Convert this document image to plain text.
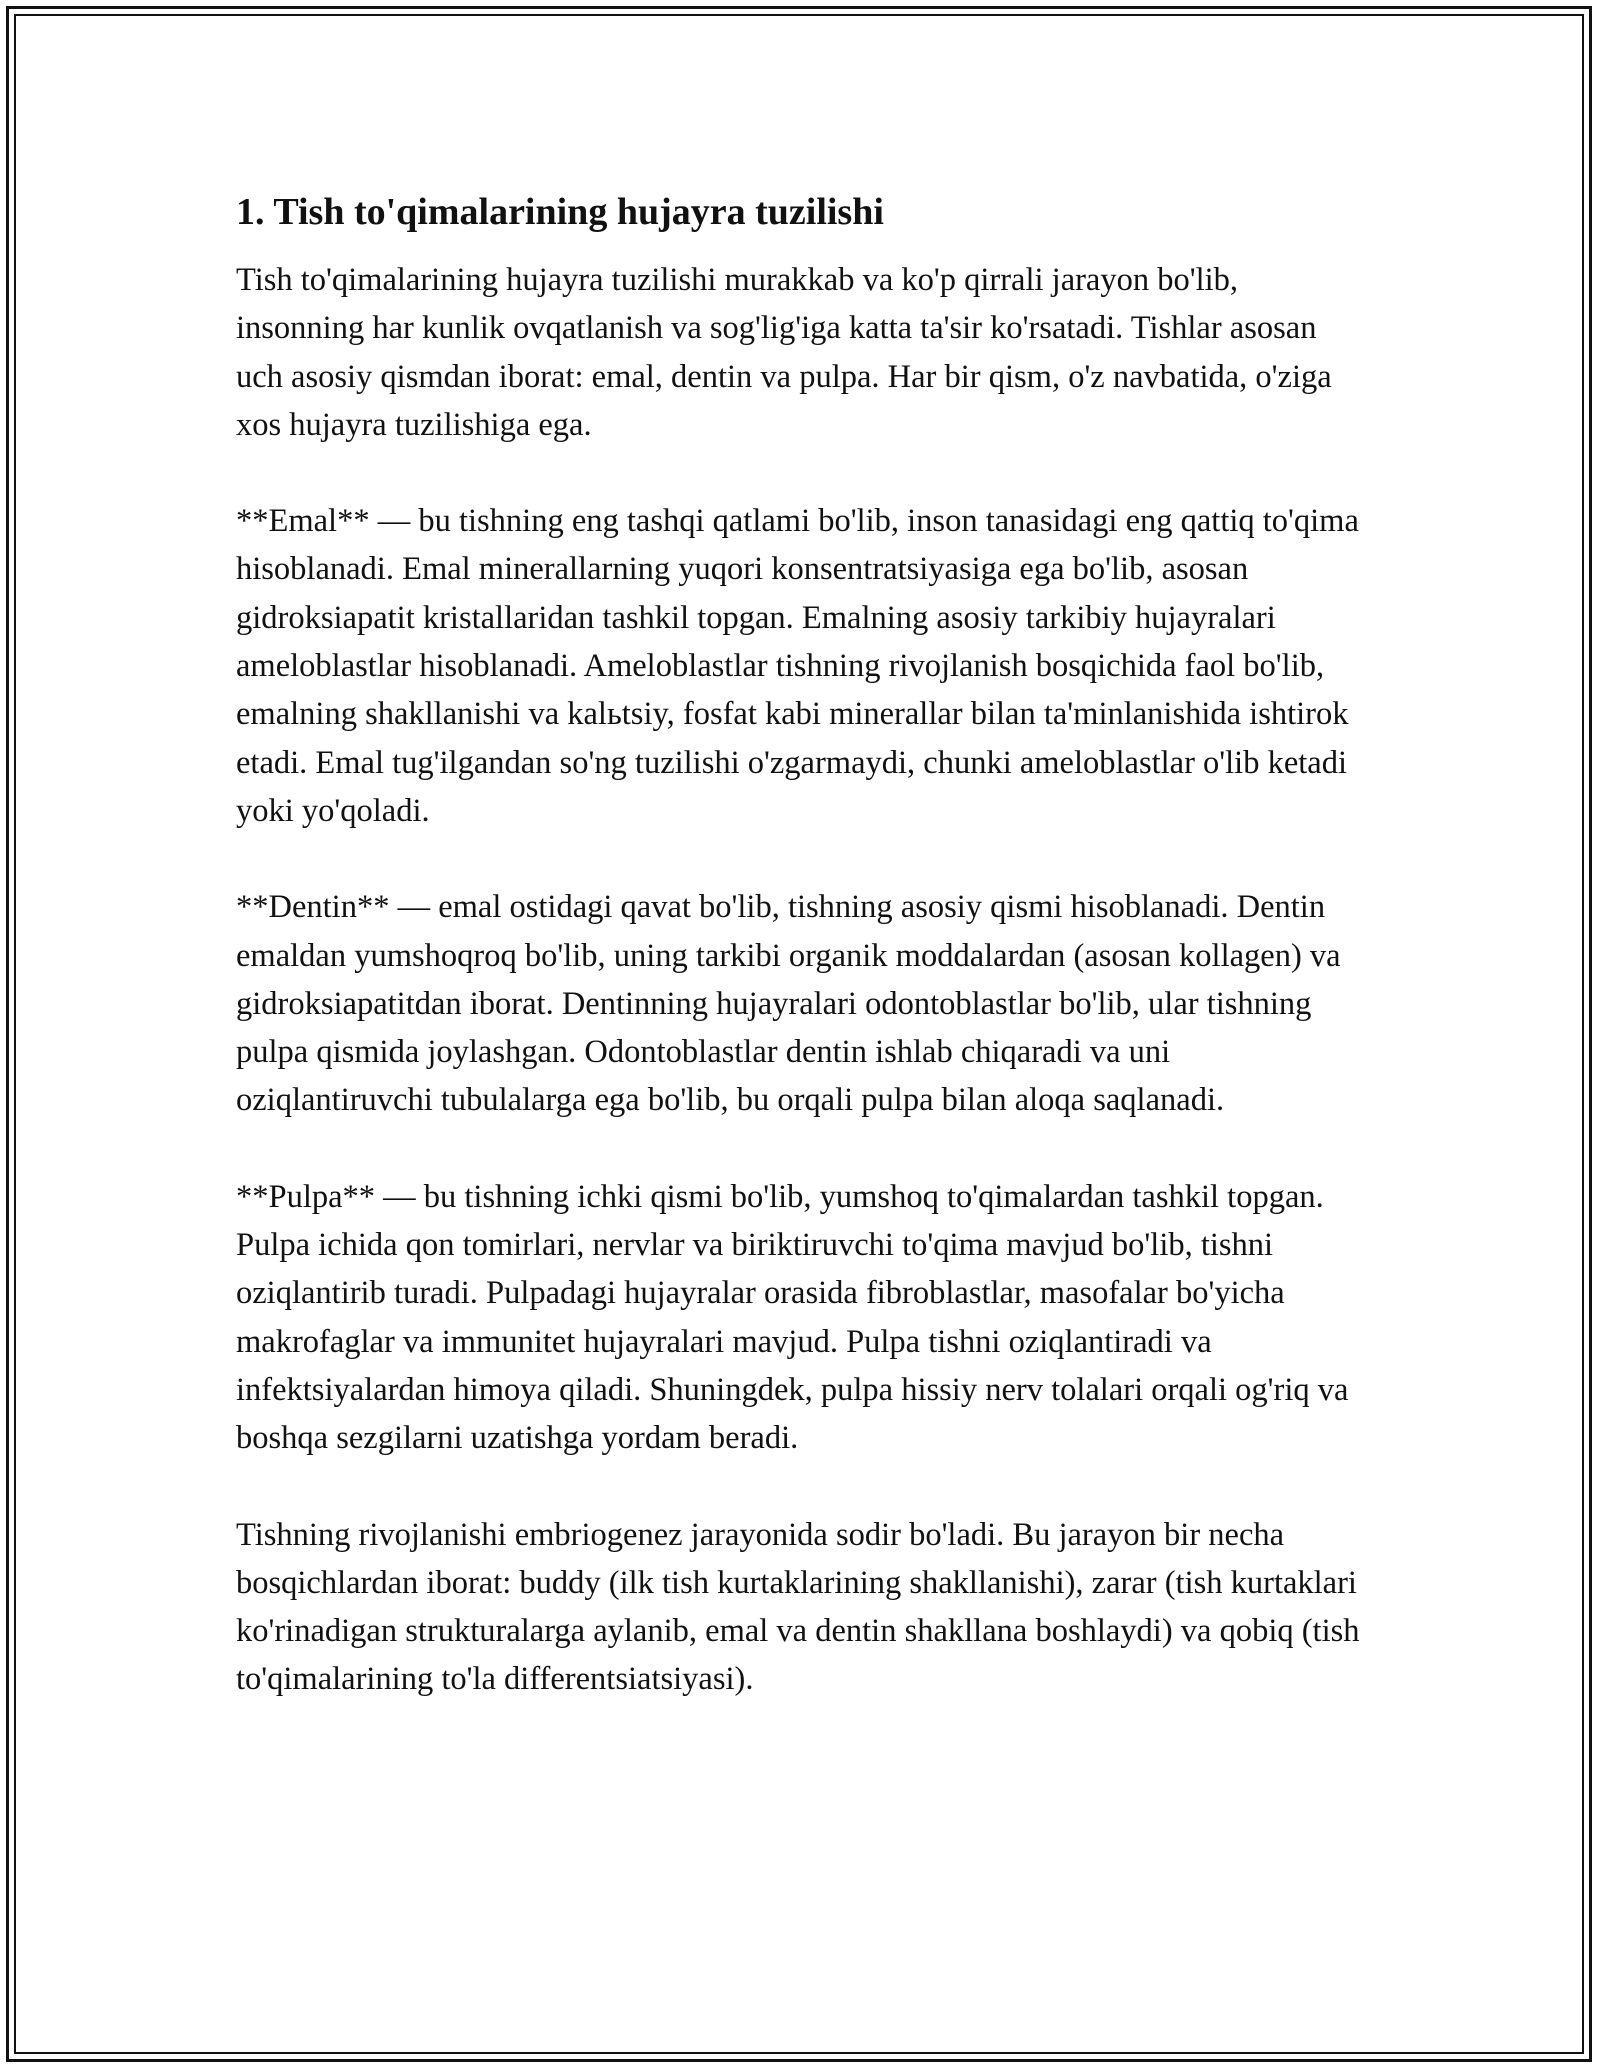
1. Tish to'qimalarining hujayra tuzilishi

Tish to'qimalarining hujayra tuzilishi murakkab va ko'p qirrali jarayon bo'lib, insonning har kunlik ovqatlanish va sog'lig'iga katta ta'sir ko'rsatadi. Tishlar asosan uch asosiy qismdan iborat: emal, dentin va pulpa. Har bir qism, o'z navbatida, o'ziga xos hujayra tuzilishiga ega.

**Emal** — bu tishning eng tashqi qatlami bo'lib, inson tanasidagi eng qattiq to'qima hisoblanadi. Emal minerallarning yuqori konsentratsiyasiga ega bo'lib, asosan gidroksiapatit kristallaridan tashkil topgan. Emalning asosiy tarkibiy hujayralari ameloblastlar hisoblanadi. Ameloblastlar tishning rivojlanish bosqichida faol bo'lib, emalning shakllanishi va kalьtsiy, fosfat kabi minerallar bilan ta'minlanishida ishtirok etadi. Emal tug'ilgandan so'ng tuzilishi o'zgarmaydi, chunki ameloblastlar o'lib ketadi yoki yo'qoladi.

**Dentin** — emal ostidagi qavat bo'lib, tishning asosiy qismi hisoblanadi. Dentin emaldan yumshoqroq bo'lib, uning tarkibi organik moddalardan (asosan kollagen) va gidroksiapatitdan iborat. Dentinning hujayralari odontoblastlar bo'lib, ular tishning pulpa qismida joylashgan. Odontoblastlar dentin ishlab chiqaradi va uni oziqlantiruvchi tubulalarga ega bo'lib, bu orqali pulpa bilan aloqa saqlanadi.

**Pulpa** — bu tishning ichki qismi bo'lib, yumshoq to'qimalardan tashkil topgan. Pulpa ichida qon tomirlari, nervlar va biriktiruvchi to'qima mavjud bo'lib, tishni oziqlantirib turadi. Pulpadagi hujayralar orasida fibroblastlar, masofalar bo'yicha makrofaglar va immunitet hujayralari mavjud. Pulpa tishni oziqlantiradi va infektsiyalardan himoya qiladi. Shuningdek, pulpa hissiy nerv tolalari orqali og'riq va boshqa sezgilarni uzatishga yordam beradi.

Tishning rivojlanishi embriogenez jarayonida sodir bo'ladi. Bu jarayon bir necha bosqichlardan iborat: buddy (ilk tish kurtaklarining shakllanishi), zarar (tish kurtaklari ko'rinadigan strukturalarga aylanib, emal va dentin shakllana boshlaydi) va qobiq (tish to'qimalarining to'la differentsiatsiyasi).
